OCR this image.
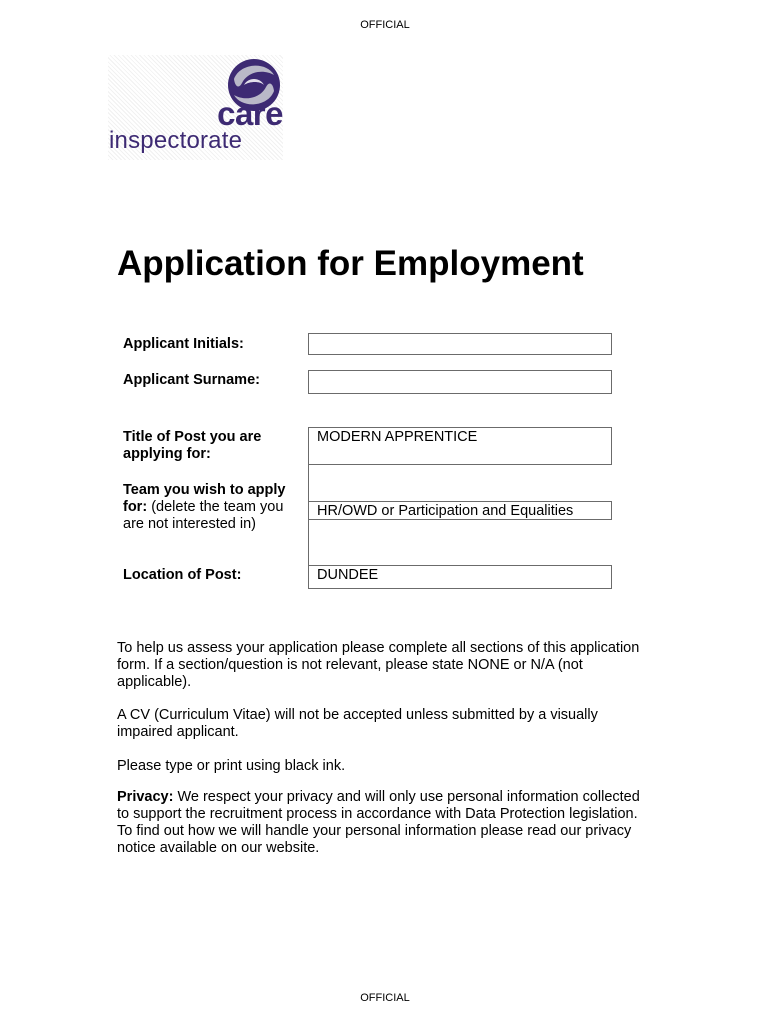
OFFICIAL
care
inspectorate
Application for Employment
Applicant Initials:
Applicant Surname:
Title of Post you are
applying for:
MODERN APPRENTICE
Team you wish to apply
for: (delete the team you
are not interested in)
HR/OWD or Participation and Equalities
Location of Post:	DUNDEE
To help us assess your application please complete all sections of this application form. If a section/question is not relevant, please state NONE or N/A (not applicable).
A CV (Curriculum Vitae) will not be accepted unless submitted by a visually impaired applicant.
Please type or print using black ink.
Privacy: We respect your privacy and will only use personal information collected to support the recruitment process in accordance with Data Protection legislation. To find out how we will handle your personal information please read our privacy notice available on our website.
OFFICIAL
